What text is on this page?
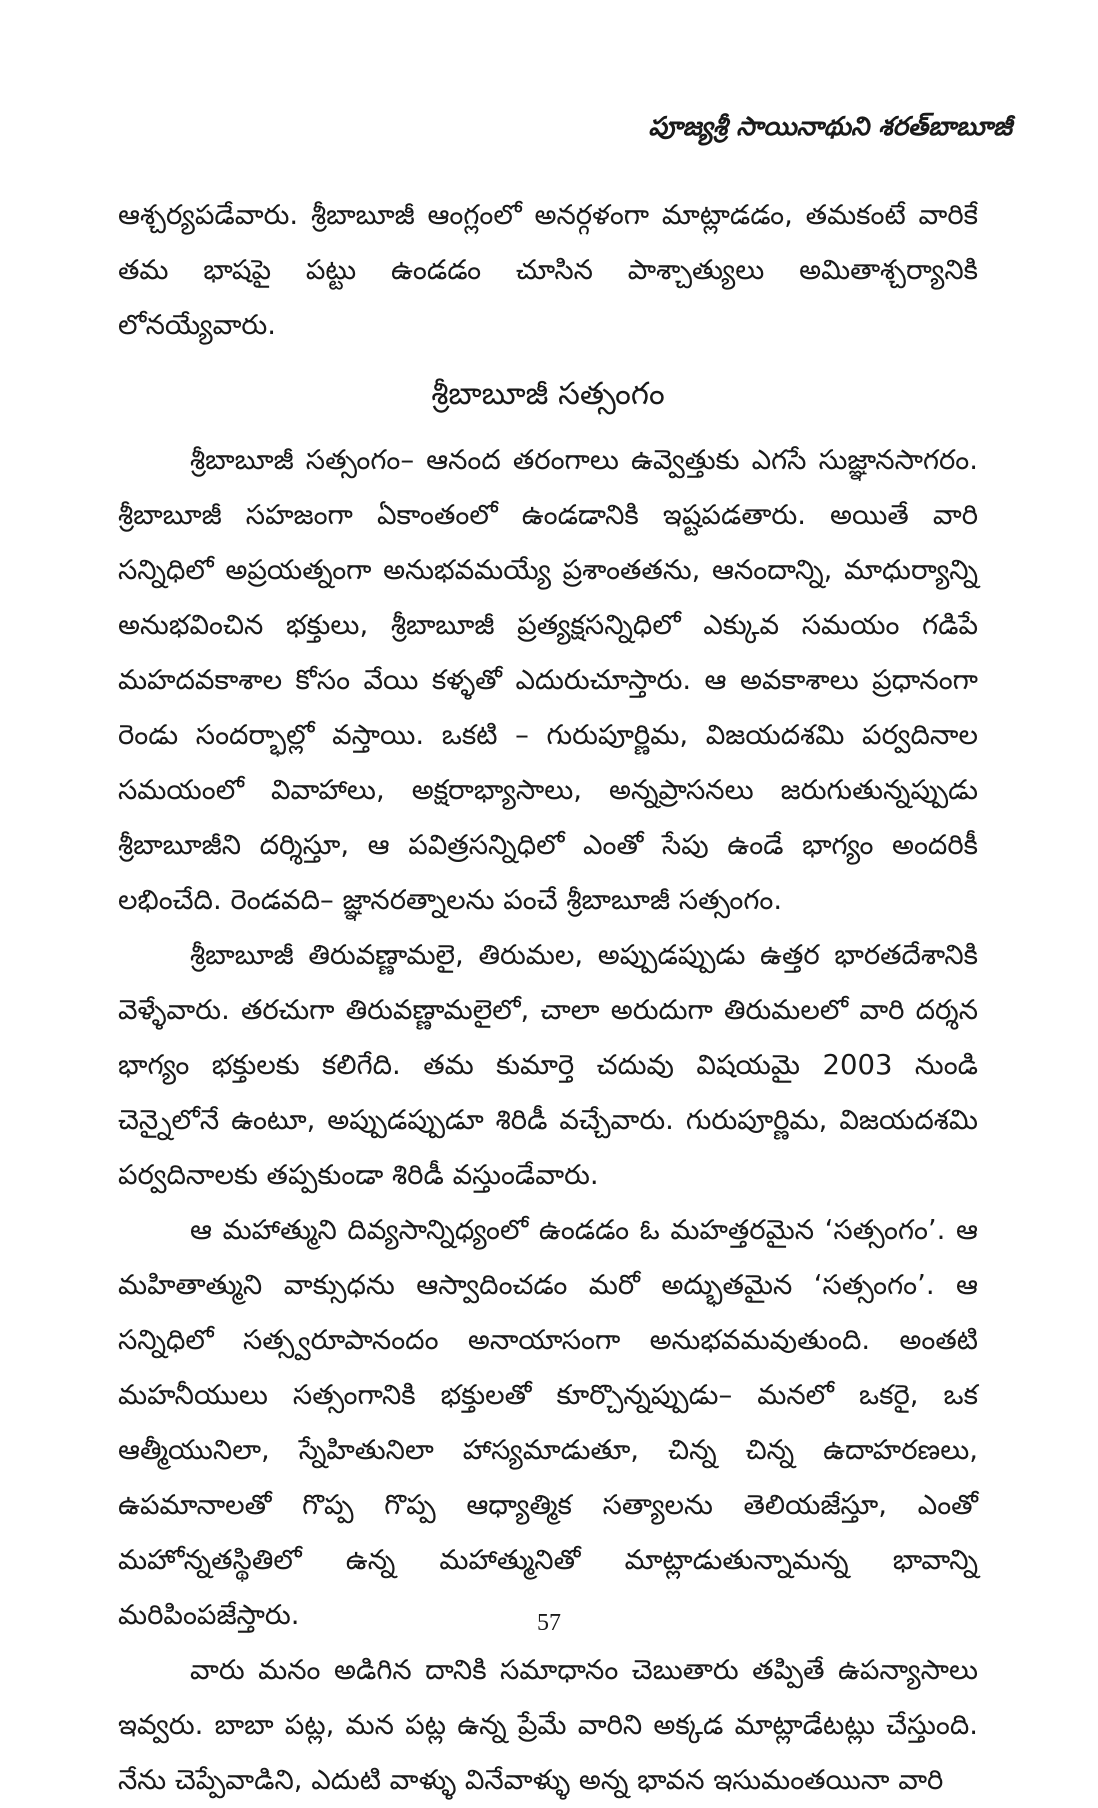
పూజ్యశ్రీ సాయినాథుని శరత్‌బాబూజీ

ఆశ్చర్యపడేవారు. శ్రీబాబూజీ ఆంగ్లంలో అనర్గళంగా మాట్లాడడం, తమకంటే వారికే తమ భాషపై పట్టు ఉండడం చూసిన పాశ్చాత్యులు అమితాశ్చర్యానికి లోనయ్యేవారు.

శ్రీబాబూజీ సత్సంగం

శ్రీబాబూజీ సత్సంగం– ఆనంద తరంగాలు ఉవ్వెత్తుకు ఎగసే సుజ్ఞానసాగరం. శ్రీబాబూజీ సహజంగా ఏకాంతంలో ఉండడానికి ఇష్టపడతారు. అయితే వారి సన్నిధిలో అప్రయత్నంగా అనుభవమయ్యే ప్రశాంతతను, ఆనందాన్ని, మాధుర్యాన్ని అనుభవించిన భక్తులు, శ్రీబాబూజీ ప్రత్యక్షసన్నిధిలో ఎక్కువ సమయం గడిపే మహదవకాశాల కోసం వేయి కళ్ళతో ఎదురుచూస్తారు. ఆ అవకాశాలు ప్రధానంగా రెండు సందర్భాల్లో వస్తాయి. ఒకటి – గురుపూర్ణిమ, విజయదశమి పర్వదినాల సమయంలో వివాహాలు, అక్షరాభ్యాసాలు, అన్నప్రాసనలు జరుగుతున్నప్పుడు శ్రీబాబూజీని దర్శిస్తూ, ఆ పవిత్రసన్నిధిలో ఎంతో సేపు ఉండే భాగ్యం అందరికీ లభించేది. రెండవది– జ్ఞానరత్నాలను పంచే శ్రీబాబూజీ సత్సంగం.

శ్రీబాబూజీ తిరువణ్ణామలై, తిరుమల, అప్పుడప్పుడు ఉత్తర భారతదేశానికి వెళ్ళేవారు. తరచుగా తిరువణ్ణామలైలో, చాలా అరుదుగా తిరుమలలో వారి దర్శన భాగ్యం భక్తులకు కలిగేది. తమ కుమార్తె చదువు విషయమై 2003 నుండి చెన్నైలోనే ఉంటూ, అప్పుడప్పుడూ శిరిడీ వచ్చేవారు. గురుపూర్ణిమ, విజయదశమి పర్వదినాలకు తప్పకుండా శిరిడీ వస్తుండేవారు.

ఆ మహాత్ముని దివ్యసాన్నిధ్యంలో ఉండడం ఓ మహత్తరమైన ‘సత్సంగం’. ఆ మహితాత్ముని వాక్సుధను ఆస్వాదించడం మరో అద్భుతమైన ‘సత్సంగం’. ఆ సన్నిధిలో సత్స్వరూపానందం అనాయాసంగా అనుభవమవుతుంది. అంతటి మహనీయులు సత్సంగానికి భక్తులతో కూర్చొన్నప్పుడు– మనలో ఒకరై, ఒక ఆత్మీయునిలా, స్నేహితునిలా హాస్యమాడుతూ, చిన్న చిన్న ఉదాహరణలు, ఉపమానాలతో గొప్ప గొప్ప ఆధ్యాత్మిక సత్యాలను తెలియజేస్తూ, ఎంతో మహోన్నతస్థితిలో ఉన్న మహాత్మునితో మాట్లాడుతున్నామన్న భావాన్ని మరిపింపజేస్తారు.

వారు మనం అడిగిన దానికి సమాధానం చెబుతారు తప్పితే ఉపన్యాసాలు ఇవ్వరు. బాబా పట్ల, మన పట్ల ఉన్న ప్రేమే వారిని అక్కడ మాట్లాడేటట్లు చేస్తుంది. నేను చెప్పేవాడిని, ఎదుటి వాళ్ళు వినేవాళ్ళు అన్న భావన ఇసుమంతయినా వారి

57
